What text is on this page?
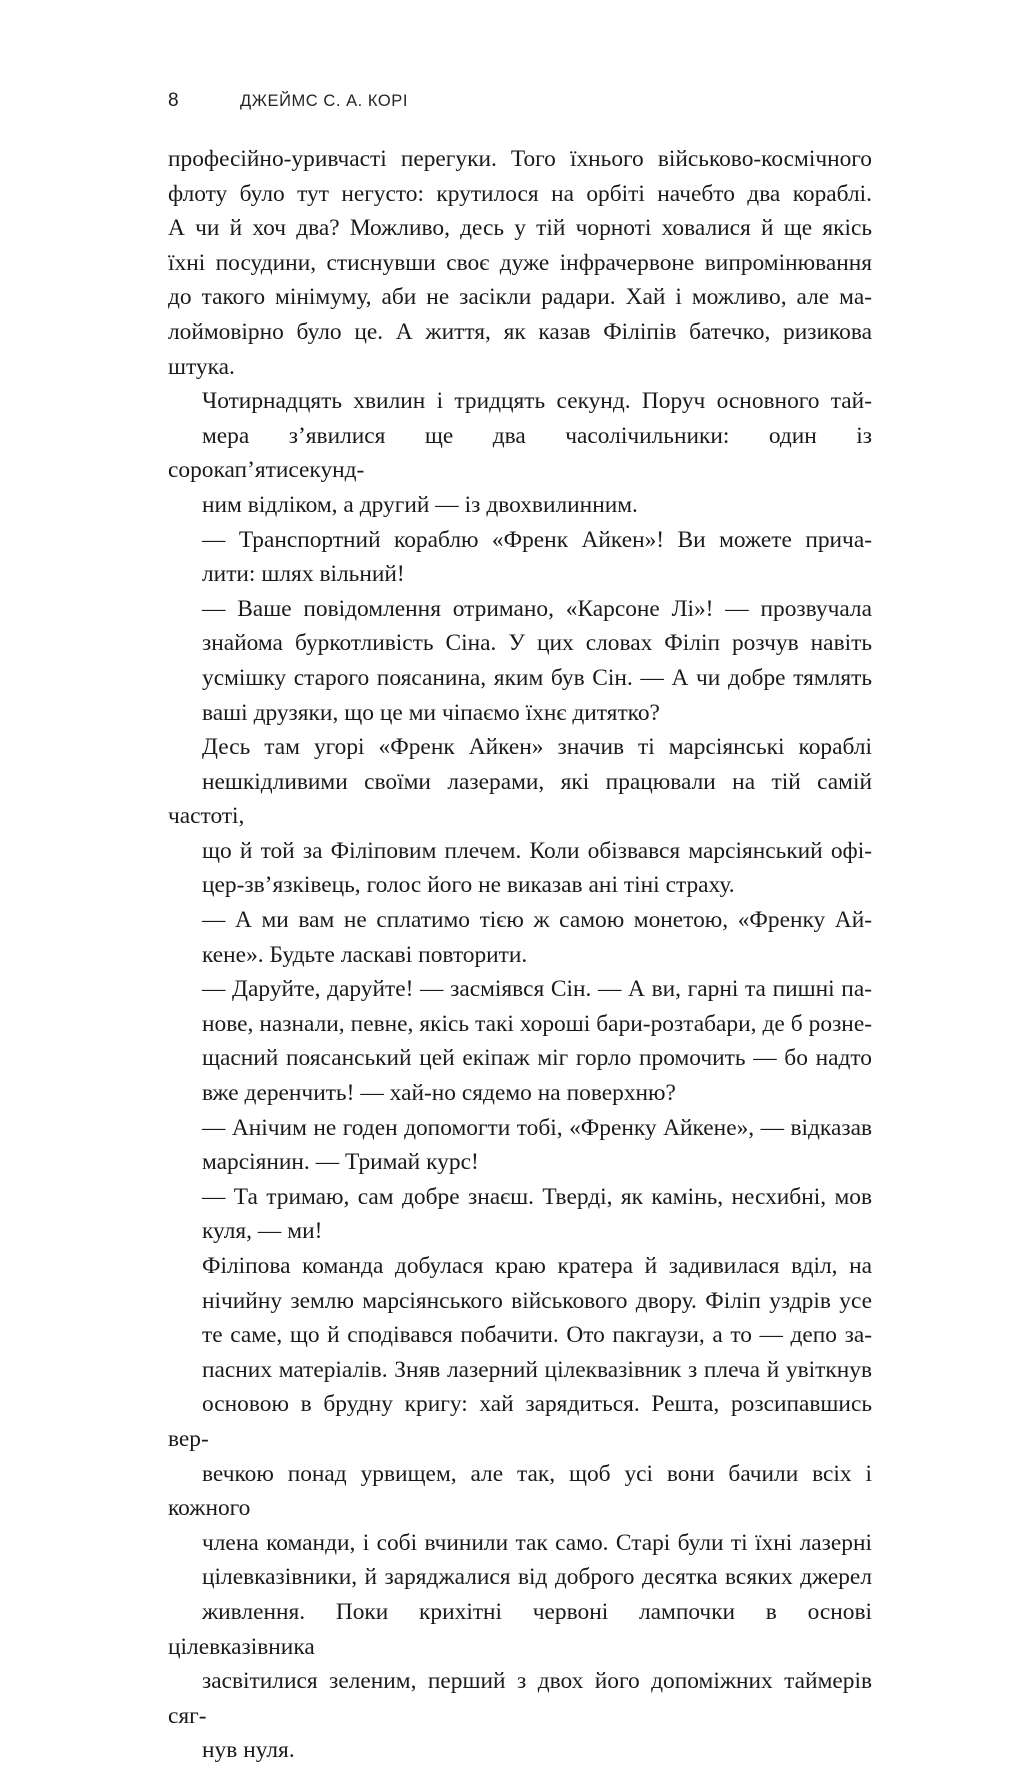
8	ДЖЕЙМС С. А. КОРІ

професійно-уривчасті перегуки. Того їхнього військово-космічного
флоту було тут негусто: крутилося на орбіті начебто два кораблі.
А чи й хоч два? Можливо, десь у тій чорноті ховалися й ще якісь
їхні посудини, стиснувши своє дуже інфрачервоне випромінювання
до такого мінімуму, аби не засікли радари. Хай і можливо, але ма-
лоймовірно було це. А життя, як казав Філіпів батечко, ризикова
штука.

Чотирнадцять хвилин і тридцять секунд. Поруч основного тай-
мера з’явилися ще два часолічильники: один із сорокап’ятисекунд-
ним відліком, а другий — із двохвилинним.

— Транспортний кораблю «Френк Айкен»! Ви можете прича-
лити: шлях вільний!

— Ваше повідомлення отримано, «Карсоне Лі»! — прозвучала
знайома буркотливість Сіна. У цих словах Філіп розчув навіть
усмішку старого поясанина, яким був Сін. — А чи добре тямлять
ваші друзяки, що це ми чіпаємо їхнє дитятко?

Десь там угорі «Френк Айкен» значив ті марсіянські кораблі
нешкідливими своїми лазерами, які працювали на тій самій частоті,
що й той за Філіповим плечем. Коли обізвався марсіянський офі-
цер-зв’язківець, голос його не виказав ані тіні страху.

— А ми вам не сплатимо тією ж самою монетою, «Френку Ай-
кене». Будьте ласкаві повторити.

— Даруйте, даруйте! — засміявся Сін. — А ви, гарні та пишні па-
нове, назнали, певне, якісь такі хороші бари-розтабари, де б розне-
щасний поясанський цей екіпаж міг горло промочить — бо надто
вже деренчить! — хай-но сядемо на поверхню?

— Анічим не годен допомогти тобі, «Френку Айкене», — відказав
марсіянин. — Тримай курс!

— Та тримаю, сам добре знаєш. Тверді, як камінь, несхибні, мов
куля, — ми!

Філіпова команда добулася краю кратера й задивилася вділ, на
нічийну землю марсіянського військового двору. Філіп уздрів усе
те саме, що й сподівався побачити. Ото пакгаузи, а то — депо за-
пасних матеріалів. Зняв лазерний цілеквазівник з плеча й увіткнув
основою в брудну кригу: хай зарядиться. Решта, розсипавшись вер-
вечкою понад урвищем, але так, щоб усі вони бачили всіх і кожного
члена команди, і собі вчинили так само. Старі були ті їхні лазерні
цілевказівники, й заряджалися від доброго десятка всяких джерел
живлення. Поки крихітні червоні лампочки в основі цілевказівника
засвітилися зеленим, перший з двох його допоміжних таймерів сяг-
нув нуля.
